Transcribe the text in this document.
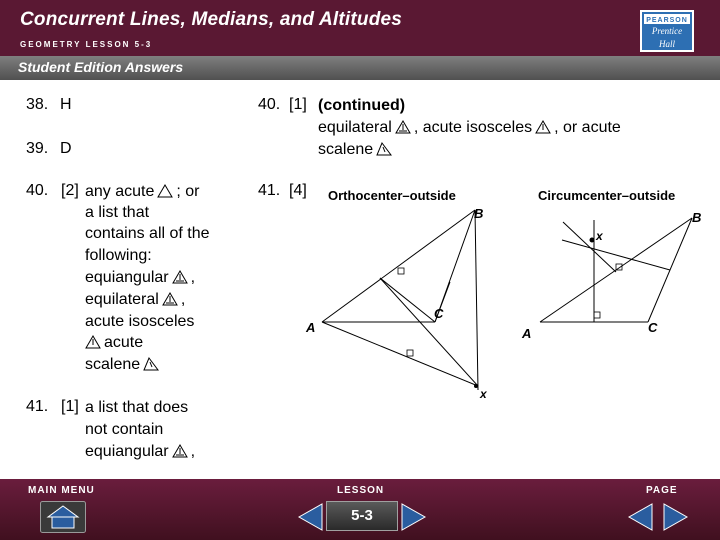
Concurrent Lines, Medians, and Altitudes
GEOMETRY LESSON 5-3
PEARSON
Prentice
Hall
Student Edition Answers
38. H
39. D
40. [2] any acute ; or
a list that
contains all of the
following:
equiangular ,
equilateral ,
acute isosceles
acute
scalene
41. [1] a list that does
not contain
equiangular ,
40. [1] (continued)
equilateral , acute isosceles , or acute
scalene
41. [4] Orthocenter–outside
A
B
C
x
Circumcenter–outside
x
A
B
C
MAIN MENU	LESSON	PAGE
5-3
